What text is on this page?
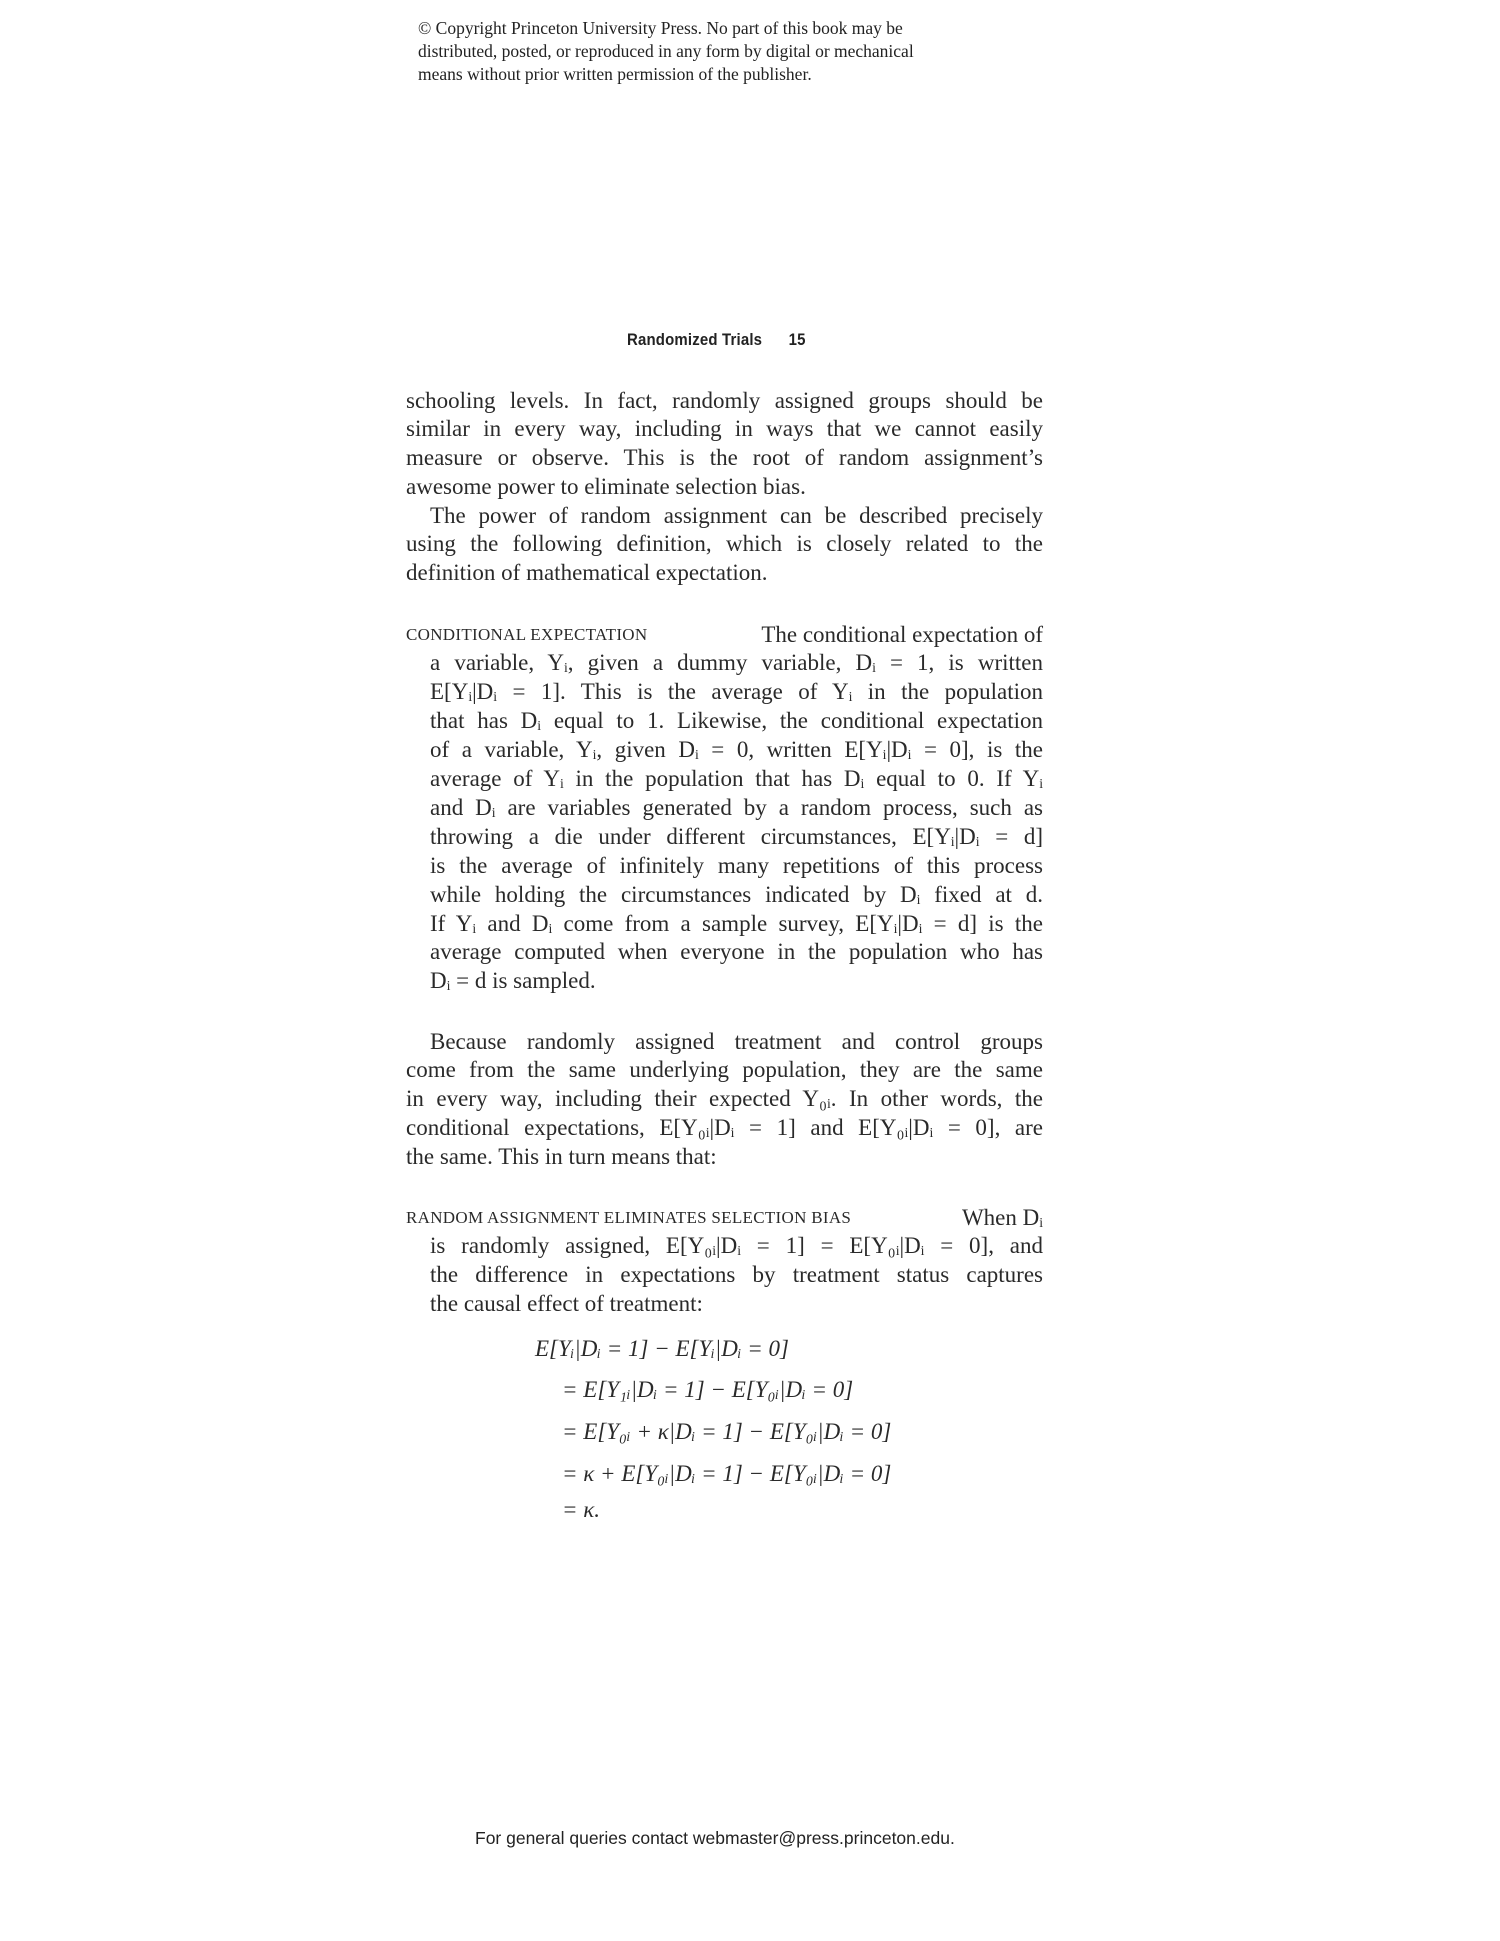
© Copyright Princeton University Press. No part of this book may be
distributed, posted, or reproduced in any form by digital or mechanical
means without prior written permission of the publisher.
Randomized Trials 15
schooling levels. In fact, randomly assigned groups should be
similar in every way, including in ways that we cannot easily
measure or observe. This is the root of random assignment’s
awesome power to eliminate selection bias.
The power of random assignment can be described precisely
using the following definition, which is closely related to the
definition of mathematical expectation.
CONDITIONAL EXPECTATION	The conditional expectation of
a variable, Yᵢ, given a dummy variable, Dᵢ = 1, is written
E[Yᵢ|Dᵢ = 1]. This is the average of Yᵢ in the population
that has Dᵢ equal to 1. Likewise, the conditional expectation
of a variable, Yᵢ, given Dᵢ = 0, written E[Yᵢ|Dᵢ = 0], is the
average of Yᵢ in the population that has Dᵢ equal to 0. If Yᵢ
and Dᵢ are variables generated by a random process, such as
throwing a die under different circumstances, E[Yᵢ|Dᵢ = d]
is the average of infinitely many repetitions of this process
while holding the circumstances indicated by Dᵢ fixed at d.
If Yᵢ and Dᵢ come from a sample survey, E[Yᵢ|Dᵢ = d] is the
average computed when everyone in the population who has
Dᵢ = d is sampled.
Because randomly assigned treatment and control groups
come from the same underlying population, they are the same
in every way, including their expected Y₀ᵢ. In other words, the
conditional expectations, E[Y₀ᵢ|Dᵢ = 1] and E[Y₀ᵢ|Dᵢ = 0], are
the same. This in turn means that:
RANDOM ASSIGNMENT ELIMINATES SELECTION BIAS	When Dᵢ
is randomly assigned, E[Y₀ᵢ|Dᵢ = 1] = E[Y₀ᵢ|Dᵢ = 0], and
the difference in expectations by treatment status captures
the causal effect of treatment:
E[Yᵢ|Dᵢ = 1] − E[Yᵢ|Dᵢ = 0]
= E[Y₁ᵢ|Dᵢ = 1] − E[Y₀ᵢ|Dᵢ = 0]
= E[Y₀ᵢ + κ|Dᵢ = 1] − E[Y₀ᵢ|Dᵢ = 0]
= κ + E[Y₀ᵢ|Dᵢ = 1] − E[Y₀ᵢ|Dᵢ = 0]
= κ.
For general queries contact webmaster@press.princeton.edu.
